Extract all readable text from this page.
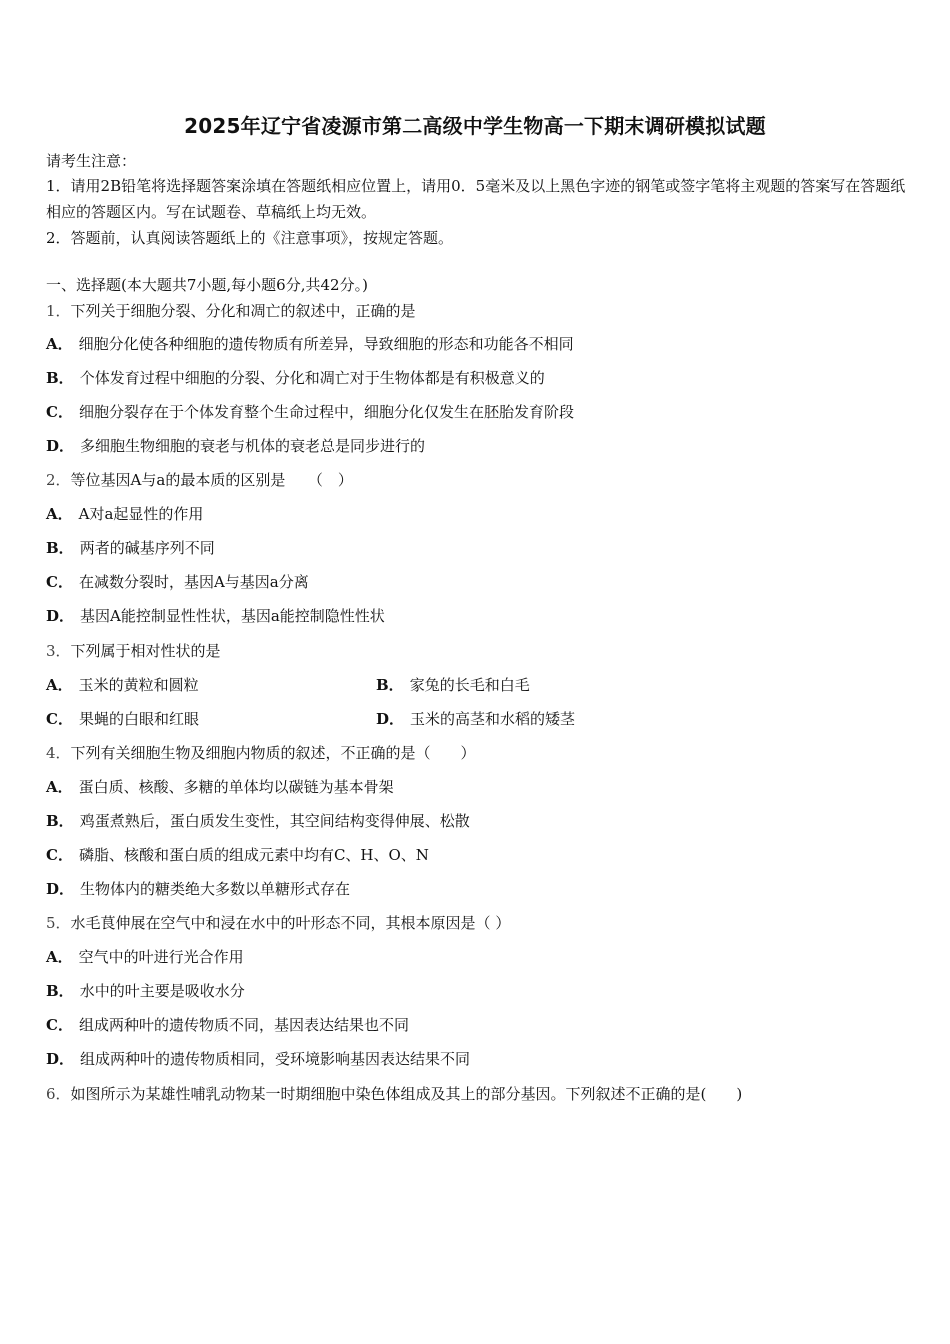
2025年辽宁省凌源市第二高级中学生物高一下期末调研模拟试题
请考生注意：
1．请用2B铅笔将选择题答案涂填在答题纸相应位置上，请用0．5毫米及以上黑色字迹的钢笔或签字笔将主观题的答案写在答题纸相应的答题区内。写在试题卷、草稿纸上均无效。
2．答题前，认真阅读答题纸上的《注意事项》，按规定答题。
一、选择题(本大题共7小题,每小题6分,共42分。)
1．下列关于细胞分裂、分化和凋亡的叙述中，正确的是
A． 细胞分化使各种细胞的遗传物质有所差异，导致细胞的形态和功能各不相同
B． 个体发育过程中细胞的分裂、分化和凋亡对于生物体都是有积极意义的
C． 细胞分裂存在于个体发育整个生命过程中，细胞分化仅发生在胚胎发育阶段
D． 多细胞生物细胞的衰老与机体的衰老总是同步进行的
2．等位基因A与a的最本质的区别是　　（　）
A． A对a起显性的作用
B． 两者的碱基序列不同
C． 在减数分裂时，基因A与基因a分离
D． 基因A能控制显性性状，基因a能控制隐性性状
3．下列属于相对性状的是
A． 玉米的黄粒和圆粒	B． 家兔的长毛和白毛
C． 果蝇的白眼和红眼	D． 玉米的高茎和水稻的矮茎
4．下列有关细胞生物及细胞内物质的叙述，不正确的是（　　）
A． 蛋白质、核酸、多糖的单体均以碳链为基本骨架
B． 鸡蛋煮熟后，蛋白质发生变性，其空间结构变得伸展、松散
C． 磷脂、核酸和蛋白质的组成元素中均有C、H、O、N
D． 生物体内的糖类绝大多数以单糖形式存在
5．水毛茛伸展在空气中和浸在水中的叶形态不同，其根本原因是（ ）
A． 空气中的叶进行光合作用
B． 水中的叶主要是吸收水分
C． 组成两种叶的遗传物质不同，基因表达结果也不同
D． 组成两种叶的遗传物质相同，受环境影响基因表达结果不同
6．如图所示为某雄性哺乳动物某一时期细胞中染色体组成及其上的部分基因。下列叙述不正确的是(　　)
